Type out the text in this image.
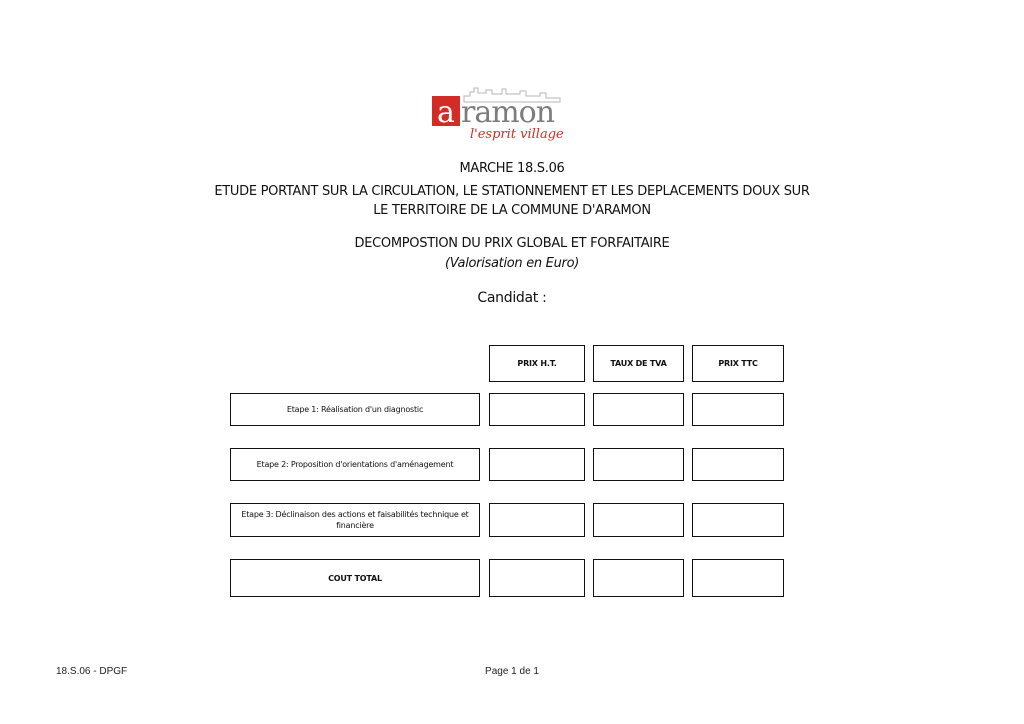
a ramon
l'esprit village
MARCHE 18.S.06
ETUDE PORTANT SUR LA CIRCULATION, LE STATIONNEMENT ET LES DEPLACEMENTS DOUX SUR
LE TERRITOIRE DE LA COMMUNE D'ARAMON
DECOMPOSTION DU PRIX GLOBAL ET FORFAITAIRE
(Valorisation en Euro)
Candidat :
PRIX H.T.	TAUX DE TVA	PRIX TTC
Etape 1: Réalisation d'un diagnostic
Etape 2: Proposition d'orientations d'aménagement
Etape 3: Déclinaison des actions et faisabilités technique et financière
COUT TOTAL
18.S.06 - DPGF	Page 1 de 1
